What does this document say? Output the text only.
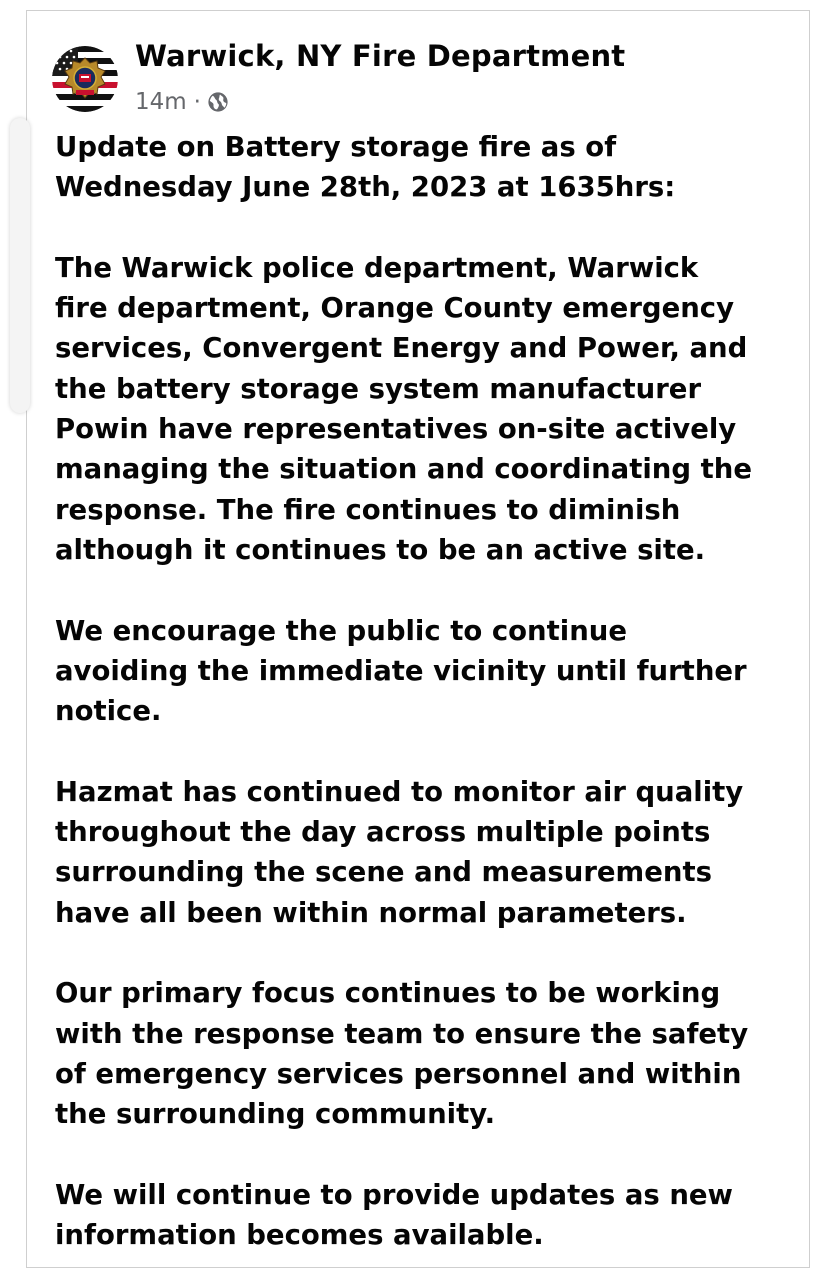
Warwick, NY Fire Department
14m ·

Update on Battery storage fire as of
Wednesday June 28th, 2023 at 1635hrs:

The Warwick police department, Warwick
fire department, Orange County emergency
services, Convergent Energy and Power, and
the battery storage system manufacturer
Powin have representatives on-site actively
managing the situation and coordinating the
response. The fire continues to diminish
although it continues to be an active site.

We encourage the public to continue
avoiding the immediate vicinity until further
notice.

Hazmat has continued to monitor air quality
throughout the day across multiple points
surrounding the scene and measurements
have all been within normal parameters.

Our primary focus continues to be working
with the response team to ensure the safety
of emergency services personnel and within
the surrounding community.

We will continue to provide updates as new
information becomes available.
